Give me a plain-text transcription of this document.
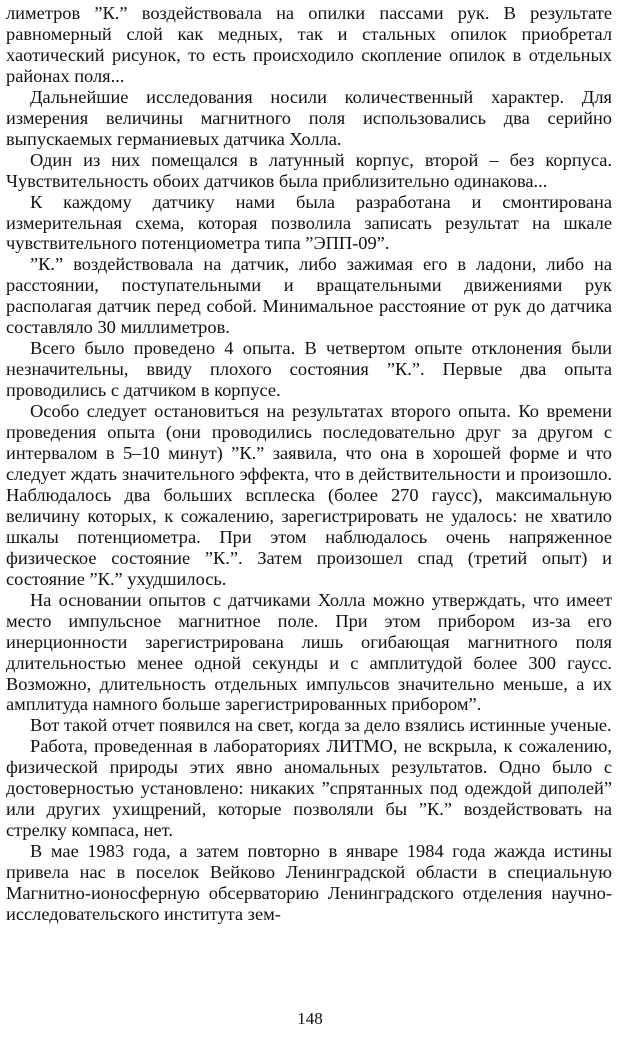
лиметров ”К.” воздействовала на опилки пассами рук. В результате равномерный слой как медных, так и стальных опилок приобретал хаотический рисунок, то есть происходило скопление опилок в отдельных районах поля...

Дальнейшие исследования носили количественный характер. Для измерения величины магнитного поля использовались два серийно выпускаемых германиевых датчика Холла.

Один из них помещался в латунный корпус, второй – без корпуса. Чувствительность обоих датчиков была приблизительно одинакова...

К каждому датчику нами была разработана и смонтирована измерительная схема, которая позволила записать результат на шкале чувствительного потенциометра типа ”ЭПП-09”.

”К.” воздействовала на датчик, либо зажимая его в ладони, либо на расстоянии, поступательными и вращательными движениями рук располагая датчик перед собой. Минимальное расстояние от рук до датчика составляло 30 миллиметров.

Всего было проведено 4 опыта. В четвертом опыте отклонения были незначительны, ввиду плохого состояния ”К.”. Первые два опыта проводились с датчиком в корпусе.

Особо следует остановиться на результатах второго опыта. Ко времени проведения опыта (они проводились последовательно друг за другом с интервалом в 5–10 минут) ”К.” заявила, что она в хорошей форме и что следует ждать значительного эффекта, что в действительности и произошло. Наблюдалось два больших всплеска (более 270 гаусс), максимальную величину которых, к сожалению, зарегистрировать не удалось: не хватило шкалы потенциометра. При этом наблюдалось очень напряженное физическое состояние ”К.”. Затем произошел спад (третий опыт) и состояние ”К.” ухудшилось.

На основании опытов с датчиками Холла можно утверждать, что имеет место импульсное магнитное поле. При этом прибором из-за его инерционности зарегистрирована лишь огибающая магнитного поля длительностью менее одной секунды и с амплитудой более 300 гаусс. Возможно, длительность отдельных импульсов значительно меньше, а их амплитуда намного больше зарегистрированных прибором”.

Вот такой отчет появился на свет, когда за дело взялись истинные ученые.

Работа, проведенная в лабораториях ЛИТМО, не вскрыла, к сожалению, физической природы этих явно аномальных результатов. Одно было с достоверностью установлено: никаких ”спрятанных под одеждой диполей” или других ухищрений, которые позволяли бы ”К.” воздействовать на стрелку компаса, нет.

В мае 1983 года, а затем повторно в январе 1984 года жажда истины привела нас в поселок Вейково Ленинградской области в специальную Магнитно-ионосферную обсерваторию Ленинградского отделения научно-исследовательского института зем-

148
